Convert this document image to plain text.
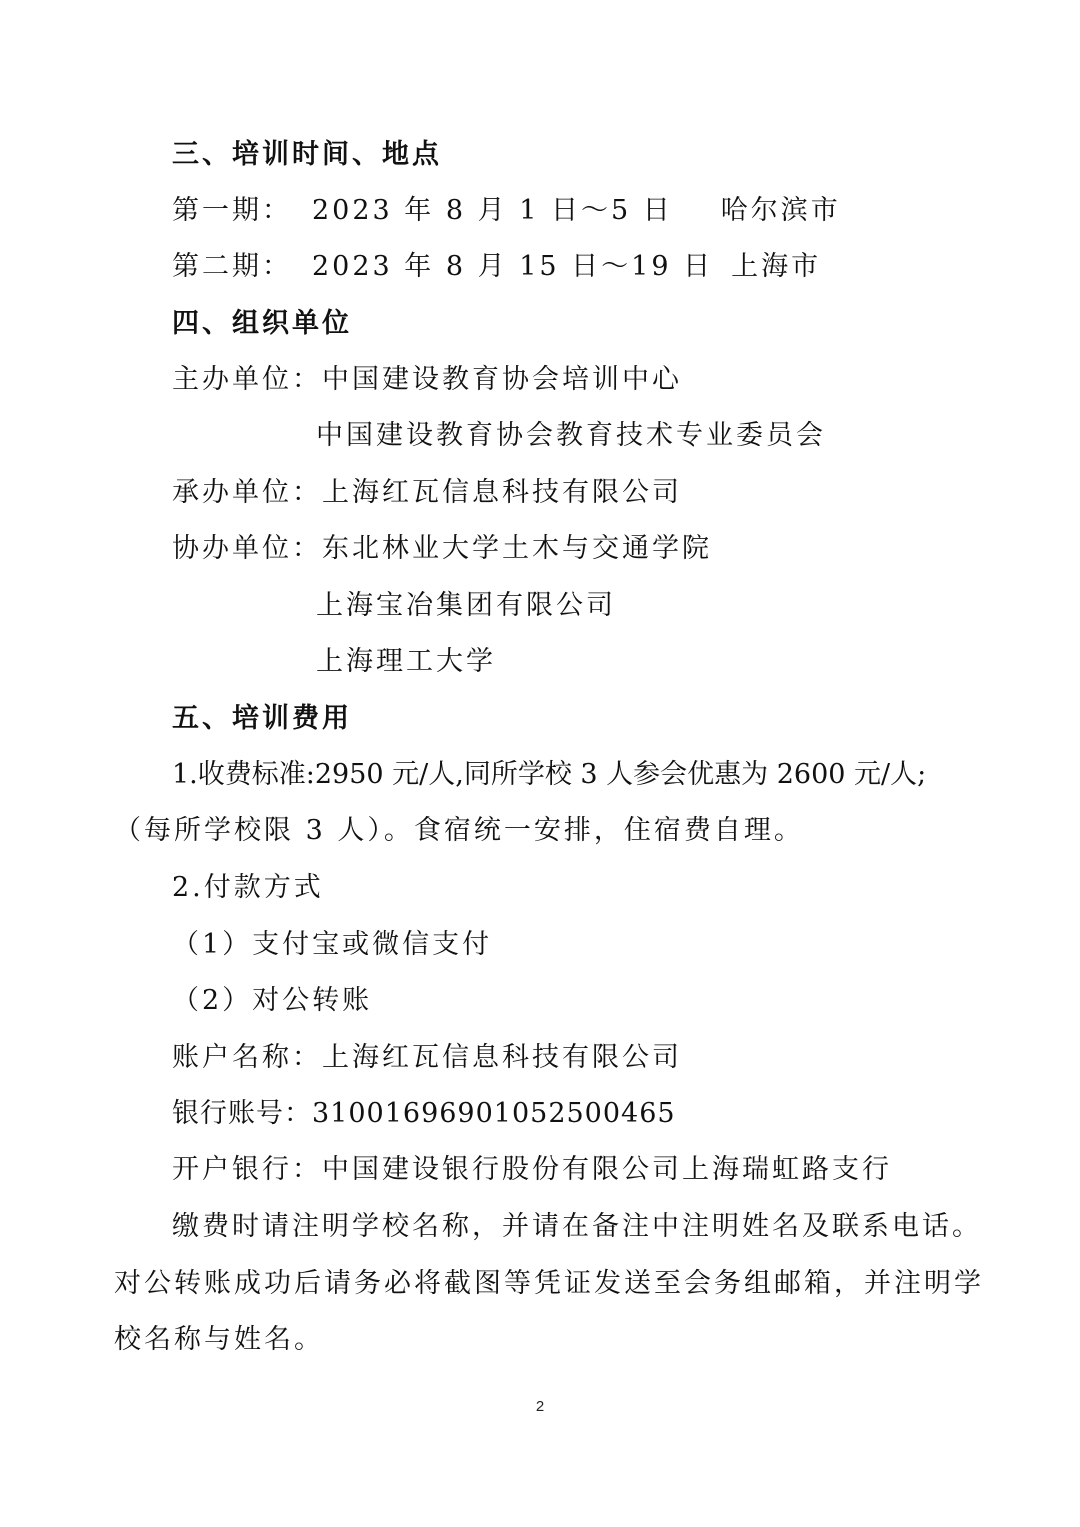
三、培训时间、地点
第一期： 2023 年 8 月 1 日～5 日 哈尔滨市
第二期： 2023 年 8 月 15 日～19 日 上海市
四、组织单位
主办单位：中国建设教育协会培训中心
中国建设教育协会教育技术专业委员会
承办单位：上海红瓦信息科技有限公司
协办单位：东北林业大学土木与交通学院
上海宝冶集团有限公司
上海理工大学
五、培训费用
1.收费标准:2950 元/人,同所学校 3 人参会优惠为 2600 元/人;
（每所学校限 3 人）。食宿统一安排，住宿费自理。
2.付款方式
（1）支付宝或微信支付
（2）对公转账
账户名称：上海红瓦信息科技有限公司
银行账号：31001696901052500465
开户银行：中国建设银行股份有限公司上海瑞虹路支行
缴费时请注明学校名称，并请在备注中注明姓名及联系电话。
对公转账成功后请务必将截图等凭证发送至会务组邮箱，并注明学
校名称与姓名。
2
